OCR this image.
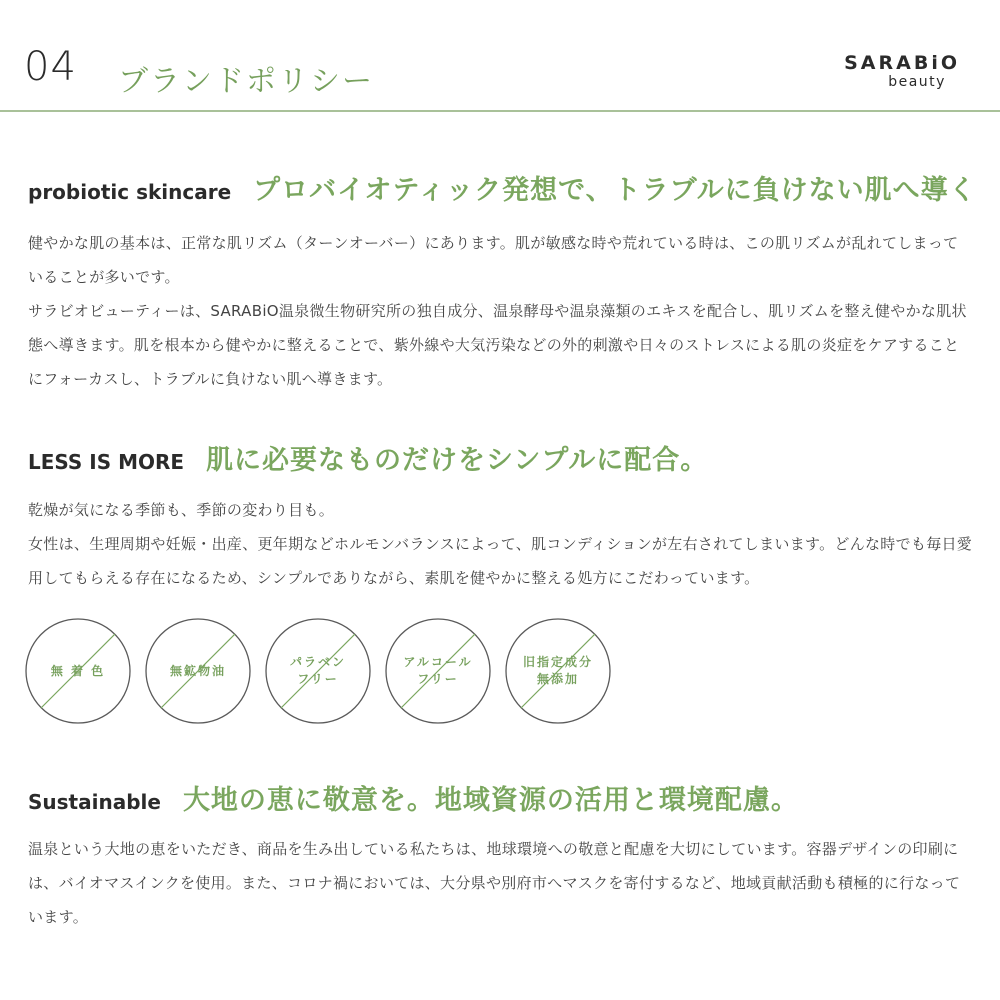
04 ブランドポリシー
SARABiO
beauty
probiotic skincare プロバイオティック発想で、トラブルに負けない肌へ導く

健やかな肌の基本は、正常な肌リズム（ターンオーバー）にあります。肌が敏感な時や荒れている時は、この肌リズムが乱れてしまっていることが多いです。

サラビオビューティーは、SARABiO温泉微生物研究所の独自成分、温泉酵母や温泉藻類のエキスを配合し、肌リズムを整え健やかな肌状態へ導きます。肌を根本から健やかに整えることで、紫外線や大気汚染などの外的刺激や日々のストレスによる肌の炎症をケアすることにフォーカスし、トラブルに負けない肌へ導きます。

LESS IS MORE 肌に必要なものだけをシンプルに配合。

乾燥が気になる季節も、季節の変わり目も。

女性は、生理周期や妊娠・出産、更年期などホルモンバランスによって、肌コンディションが左右されてしまいます。どんな時でも毎日愛用してもらえる存在になるため、シンプルでありながら、素肌を健やかに整える処方にこだわっています。

無 着 色	無鉱物油
パラベン
フリー
アルコール
フリー
旧指定成分
無添加
Sustainable 大地の恵に敬意を。地域資源の活用と環境配慮。

温泉という大地の恵をいただき、商品を生み出している私たちは、地球環境への敬意と配慮を大切にしています。容器デザインの印刷には、バイオマスインクを使用。また、コロナ禍においては、大分県や別府市へマスクを寄付するなど、地域貢献活動も積極的に行なっています。
